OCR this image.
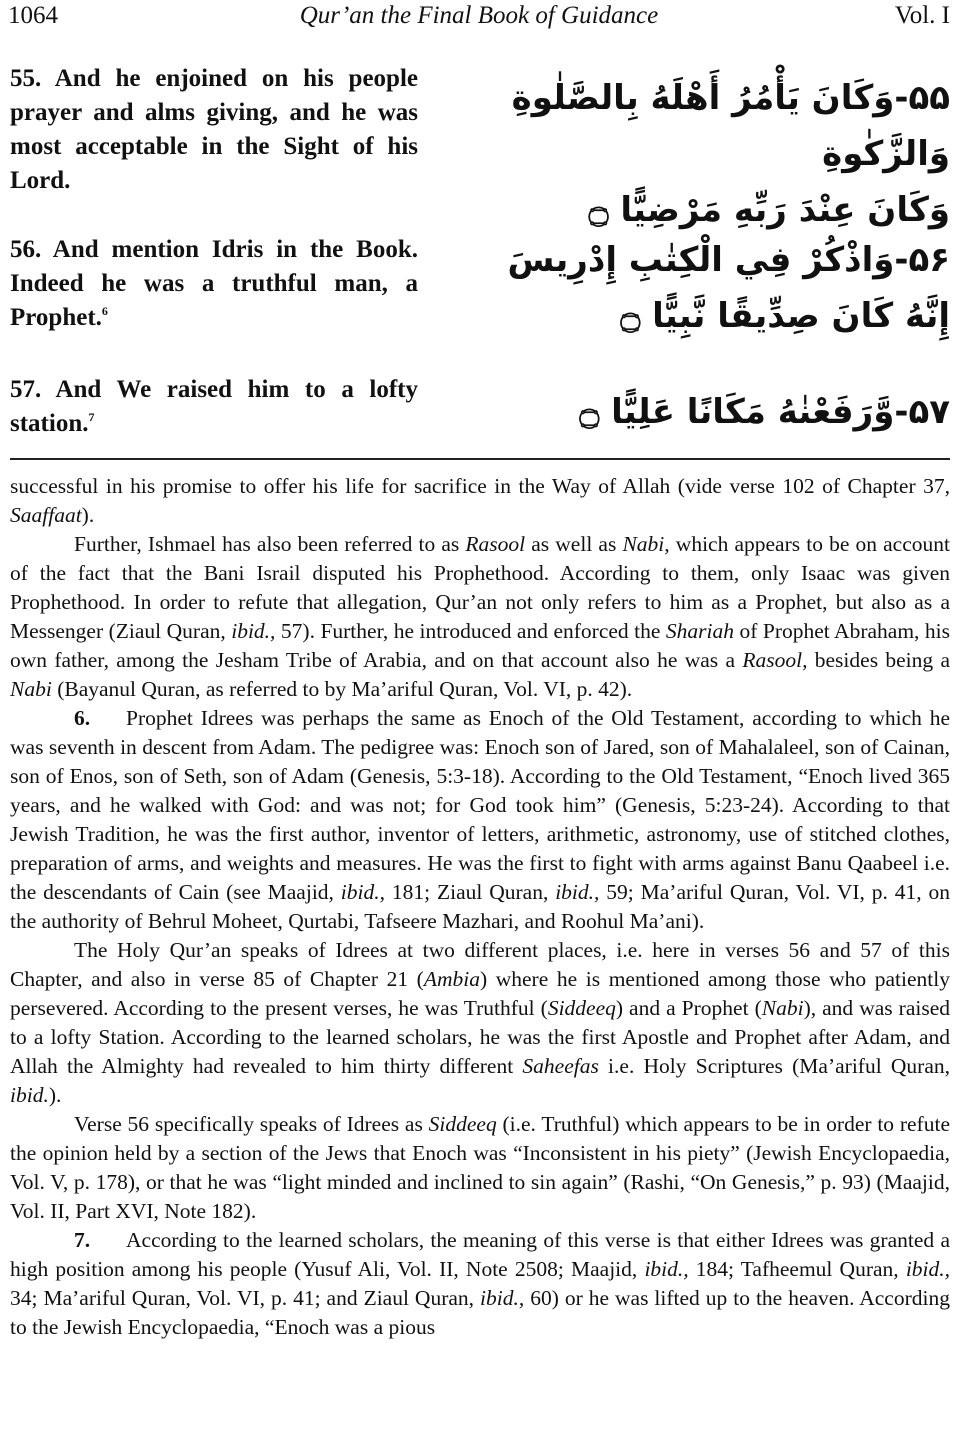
1064	Qur’an the Final Book of Guidance	Vol. I
55. And he enjoined on his people prayer and alms giving, and he was most acceptable in the Sight of his Lord.
۵۵-وَكَانَ يَأْمُرُ أَهْلَهُ بِالصَّلٰوةِ وَالزَّكٰوةِ
وَكَانَ عِنْدَ رَبِّهِ مَرْضِيًّا ۝
56. And mention Idris in the Book. Indeed he was a truthful man, a Prophet.$^6$
۵۶-وَاذْكُرْ فِي الْكِتٰبِ إِدْرِيسَ
إِنَّهُ كَانَ صِدِّيقًا نَّبِيًّا ۝
57. And We raised him to a lofty station.$^7$	۵۷-وَّرَفَعْنٰهُ مَكَانًا عَلِيًّا ۝

successful in his promise to offer his life for sacrifice in the Way of Allah (vide verse 102 of Chapter 37, Saaffaat).

Further, Ishmael has also been referred to as Rasool as well as Nabi, which appears to be on account of the fact that the Bani Israil disputed his Prophethood. According to them, only Isaac was given Prophethood. In order to refute that allegation, Qur’an not only refers to him as a Prophet, but also as a Messenger (Ziaul Quran, ibid., 57). Further, he introduced and enforced the Shariah of Prophet Abraham, his own father, among the Jesham Tribe of Arabia, and on that account also he was a Rasool, besides being a Nabi (Bayanul Quran, as referred to by Ma’ariful Quran, Vol. VI, p. 42).

6. Prophet Idrees was perhaps the same as Enoch of the Old Testament, according to which he was seventh in descent from Adam. The pedigree was: Enoch son of Jared, son of Mahalaleel, son of Cainan, son of Enos, son of Seth, son of Adam (Genesis, 5:3-18). According to the Old Testament, “Enoch lived 365 years, and he walked with God: and was not; for God took him” (Genesis, 5:23-24). According to that Jewish Tradition, he was the first author, inventor of letters, arithmetic, astronomy, use of stitched clothes, preparation of arms, and weights and measures. He was the first to fight with arms against Banu Qaabeel i.e. the descendants of Cain (see Maajid, ibid., 181; Ziaul Quran, ibid., 59; Ma’ariful Quran, Vol. VI, p. 41, on the authority of Behrul Moheet, Qurtabi, Tafseere Mazhari, and Roohul Ma’ani).

The Holy Qur’an speaks of Idrees at two different places, i.e. here in verses 56 and 57 of this Chapter, and also in verse 85 of Chapter 21 (Ambia) where he is mentioned among those who patiently persevered. According to the present verses, he was Truthful (Siddeeq) and a Prophet (Nabi), and was raised to a lofty Station. According to the learned scholars, he was the first Apostle and Prophet after Adam, and Allah the Almighty had revealed to him thirty different Saheefas i.e. Holy Scriptures (Ma’ariful Quran, ibid.).

Verse 56 specifically speaks of Idrees as Siddeeq (i.e. Truthful) which appears to be in order to refute the opinion held by a section of the Jews that Enoch was “Inconsistent in his piety” (Jewish Encyclopaedia, Vol. V, p. 178), or that he was “light minded and inclined to sin again” (Rashi, “On Genesis,” p. 93) (Maajid, Vol. II, Part XVI, Note 182).

7. According to the learned scholars, the meaning of this verse is that either Idrees was granted a high position among his people (Yusuf Ali, Vol. II, Note 2508; Maajid, ibid., 184; Tafheemul Quran, ibid., 34; Ma’ariful Quran, Vol. VI, p. 41; and Ziaul Quran, ibid., 60) or he was lifted up to the heaven. According to the Jewish Encyclopaedia, “Enoch was a pious
